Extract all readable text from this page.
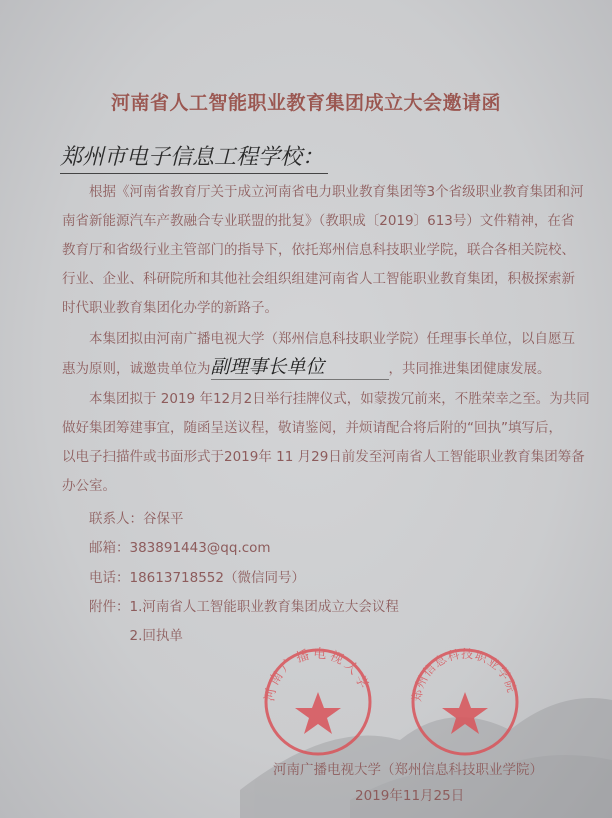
河南省人工智能职业教育集团成立大会邀请函
郑州市电子信息工程学校：
　　根据《河南省教育厅关于成立河南省电力职业教育集团等3个省级职业教育集团和河
南省新能源汽车产教融合专业联盟的批复》（教职成〔2019〕613号）文件精神，在省
教育厅和省级行业主管部门的指导下，依托郑州信息科技职业学院，联合各相关院校、
行业、企业、科研院所和其他社会组织组建河南省人工智能职业教育集团，积极探索新
时代职业教育集团化办学的新路子。
　　本集团拟由河南广播电视大学（郑州信息科技职业学院）任理事长单位，以自愿互
惠为原则，诚邀贵单位为副理事长单位	，共同推进集团健康发展。
　　本集团拟于 2019 年12月2日举行挂牌仪式，如蒙拨冗前来，不胜荣幸之至。为共同
做好集团筹建事宜，随函呈送议程，敬请鉴阅，并烦请配合将后附的“回执”填写后，
以电子扫描件或书面形式于2019年 11 月29日前发至河南省人工智能职业教育集团筹备
办公室。
　　联系人：谷保平
　　邮箱：383891443@qq.com
　　电话：18613718552（微信同号）
　　附件：1.河南省人工智能职业教育集团成立大会议程
　　　　　2.回执单
河南广播电视大学
郑州信息科技职业学院
河南广播电视大学（郑州信息科技职业学院）
2019年11月25日
